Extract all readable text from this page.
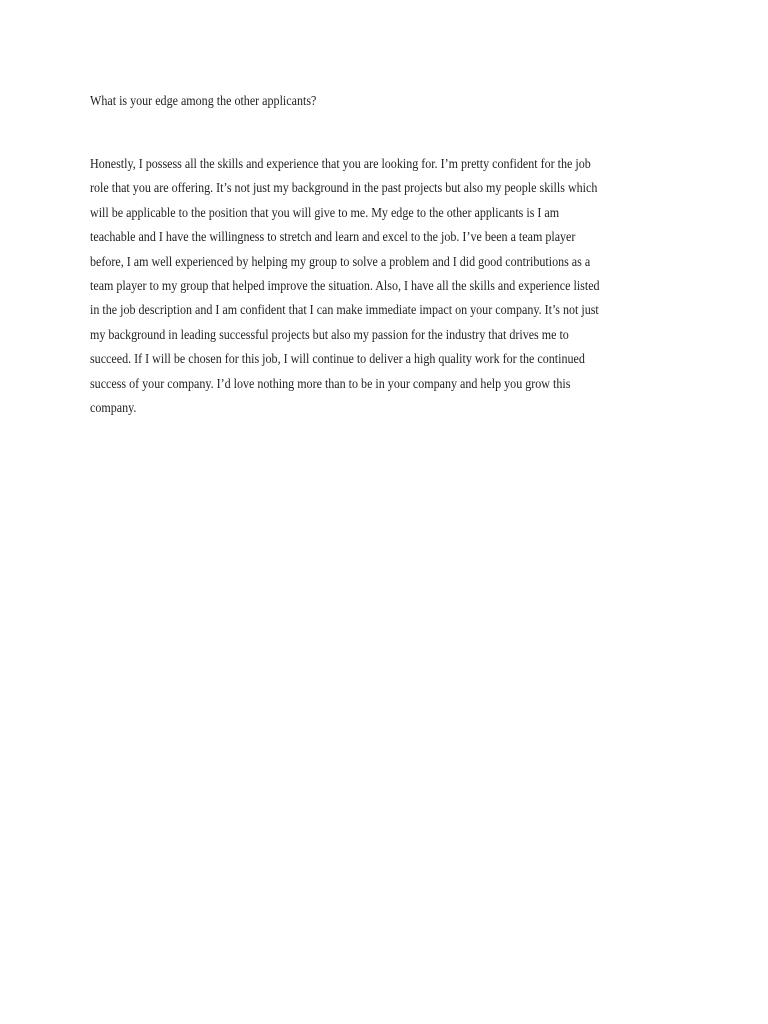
What is your edge among the other applicants?

Honestly, I possess all the skills and experience that you are looking for. I’m pretty confident for the job
role that you are offering. It’s not just my background in the past projects but also my people skills which
will be applicable to the position that you will give to me. My edge to the other applicants is I am
teachable and I have the willingness to stretch and learn and excel to the job. I’ve been a team player
before, I am well experienced by helping my group to solve a problem and I did good contributions as a
team player to my group that helped improve the situation. Also, I have all the skills and experience listed
in the job description and I am confident that I can make immediate impact on your company. It’s not just
my background in leading successful projects but also my passion for the industry that drives me to
succeed. If I will be chosen for this job, I will continue to deliver a high quality work for the continued
success of your company. I’d love nothing more than to be in your company and help you grow this
company.
